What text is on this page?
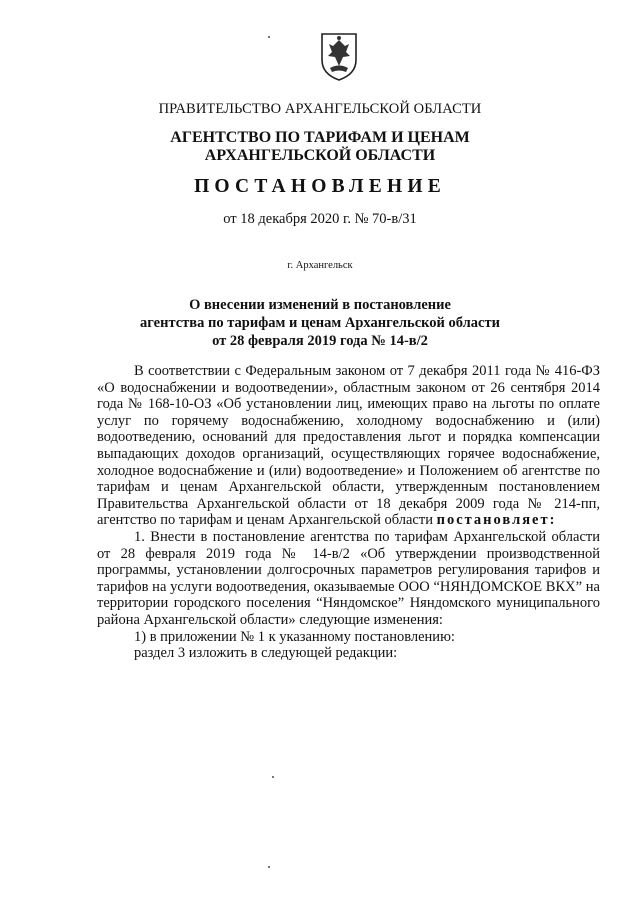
ПРАВИТЕЛЬСТВО АРХАНГЕЛЬСКОЙ ОБЛАСТИ
АГЕНТСТВО ПО ТАРИФАМ И ЦЕНАМ
АРХАНГЕЛЬСКОЙ ОБЛАСТИ
ПОСТАНОВЛЕНИЕ
от 18 декабря 2020 г. № 70-в/31
г. Архангельск
О внесении изменений в постановление
агентства по тарифам и ценам Архангельской области
от 28 февраля 2019 года № 14-в/2

В соответствии с Федеральным законом от 7 декабря 2011 года № 416-ФЗ «О водоснабжении и водоотведении», областным законом от 26 сентября 2014 года № 168-10-ОЗ «Об установлении лиц, имеющих право на льготы по оплате услуг по горячему водоснабжению, холодному водоснабжению и (или) водоотведению, оснований для предоставления льгот и порядка компенсации выпадающих доходов организаций, осуществляющих горячее водоснабжение, холодное водоснабжение и (или) водоотведение» и Положением об агентстве по тарифам и ценам Архангельской области, утвержденным постановлением Правительства Архангельской области от 18 декабря 2009 года № 214-пп, агентство по тарифам и ценам Архангельской области постановляет:

1. Внести в постановление агентства по тарифам Архангельской области от 28 февраля 2019 года № 14-в/2 «Об утверждении производственной программы, установлении долгосрочных параметров регулирования тарифов и тарифов на услуги водоотведения, оказываемые ООО “НЯНДОМСКОЕ ВКХ” на территории городского поселения “Няндомское” Няндомского муниципального района Архангельской области» следующие изменения:

1) в приложении № 1 к указанному постановлению:

раздел 3 изложить в следующей редакции:
